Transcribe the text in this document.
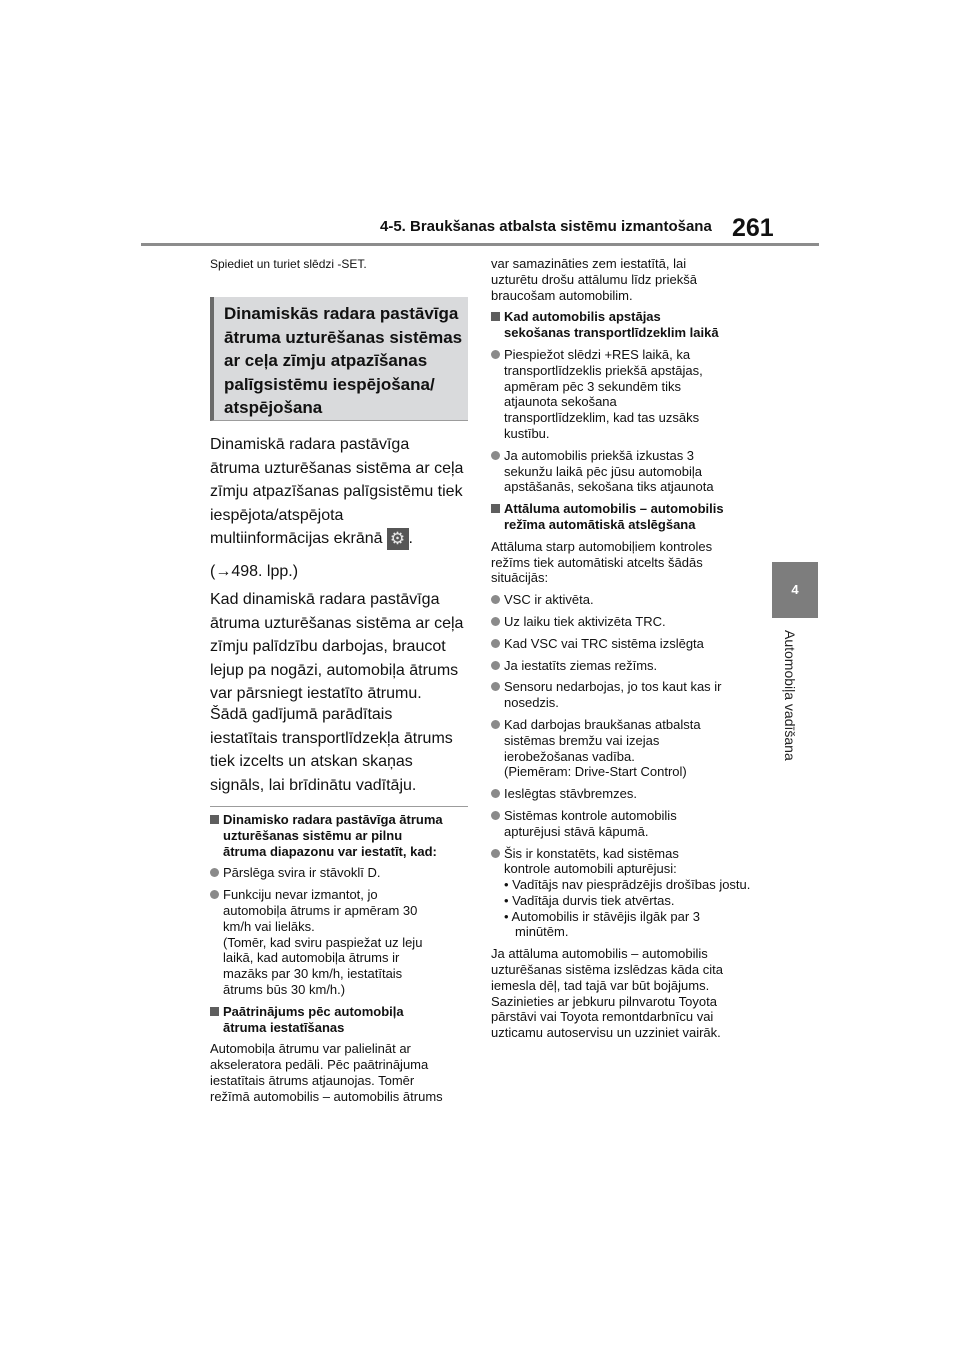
4-5. Braukšanas atbalsta sistēmu izmantošana 261
4
Automobiļa vadīšana
Spiediet un turiet slēdzi -SET.
Dinamiskās radara pastāvīga
ātruma uzturēšanas sistēmas
ar ceļa zīmju atpazīšanas
palīgsistēmu iespējošana/
atspējošana

Dinamiskā radara pastāvīga
ātruma uzturēšanas sistēma ar ceļa
zīmju atpazīšanas palīgsistēmu tiek
iespējota/atspējota
multiinformācijas ekrānā ⚙ .

(→498. lpp.)

Kad dinamiskā radara pastāvīga
ātruma uzturēšanas sistēma ar ceļa
zīmju palīdzību darbojas, braucot
lejup pa nogāzi, automobiļa ātrums
var pārsniegt iestatīto ātrumu.

Šādā gadījumā parādītais
iestatītais transportlīdzekļa ātrums
tiek izcelts un atskan skaņas
signāls, lai brīdinātu vadītāju.

Dinamisko radara pastāvīga ātruma
uzturēšanas sistēmu ar pilnu
ātruma diapazonu var iestatīt, kad:

Pārslēga svira ir stāvoklī D.

Funkciju nevar izmantot, jo
automobiļa ātrums ir apmēram 30
km/h vai lielāks.
(Tomēr, kad sviru paspiežat uz leju
laikā, kad automobiļa ātrums ir
mazāks par 30 km/h, iestatītais
ātrums būs 30 km/h.)

Paātrinājums pēc automobiļa
ātruma iestatīšanas

Automobiļa ātrumu var palielināt ar
akseleratora pedāli. Pēc paātrinājuma
iestatītais ātrums atjaunojas. Tomēr
režīmā automobilis – automobilis ātrums

var samazināties zem iestatītā, lai
uzturētu drošu attālumu līdz priekšā
braucošam automobilim.

Kad automobilis apstājas
sekošanas transportlīdzeklim laikā

Piespiežot slēdzi +RES laikā, ka
transportlīdzeklis priekšā apstājas,
apmēram pēc 3 sekundēm tiks
atjaunota sekošana
transportlīdzeklim, kad tas uzsāks
kustību.

Ja automobilis priekšā izkustas 3
sekunžu laikā pēc jūsu automobiļa
apstāšanās, sekošana tiks atjaunota

Attāluma automobilis – automobilis
režīma automātiskā atslēgšana

Attāluma starp automobiļiem kontroles
režīms tiek automātiski atcelts šādās
situācijās:

VSC ir aktivēta.

Uz laiku tiek aktivizēta TRC.

Kad VSC vai TRC sistēma izslēgta

Ja iestatīts ziemas režīms.

Sensoru nedarbojas, jo tos kaut kas ir
nosedzis.

Kad darbojas braukšanas atbalsta
sistēmas bremžu vai izejas
ierobežošanas vadība.
(Piemēram: Drive-Start Control)

Ieslēgtas stāvbremzes.

Sistēmas kontrole automobilis
apturējusi stāvā kāpumā.

Šis ir konstatēts, kad sistēmas
kontrole automobili apturējusi:
• Vadītājs nav piesprādzējis drošības jostu.
• Vadītāja durvis tiek atvērtas.
• Automobilis ir stāvējis ilgāk par 3 minūtēm.

Ja attāluma automobilis – automobilis
uzturēšanas sistēma izslēdzas kāda cita
iemesla dēļ, tad tajā var būt bojājums.
Sazinieties ar jebkuru pilnvarotu Toyota
pārstāvi vai Toyota remontdarbnīcu vai
uzticamu autoservisu un uzziniet vairāk.
